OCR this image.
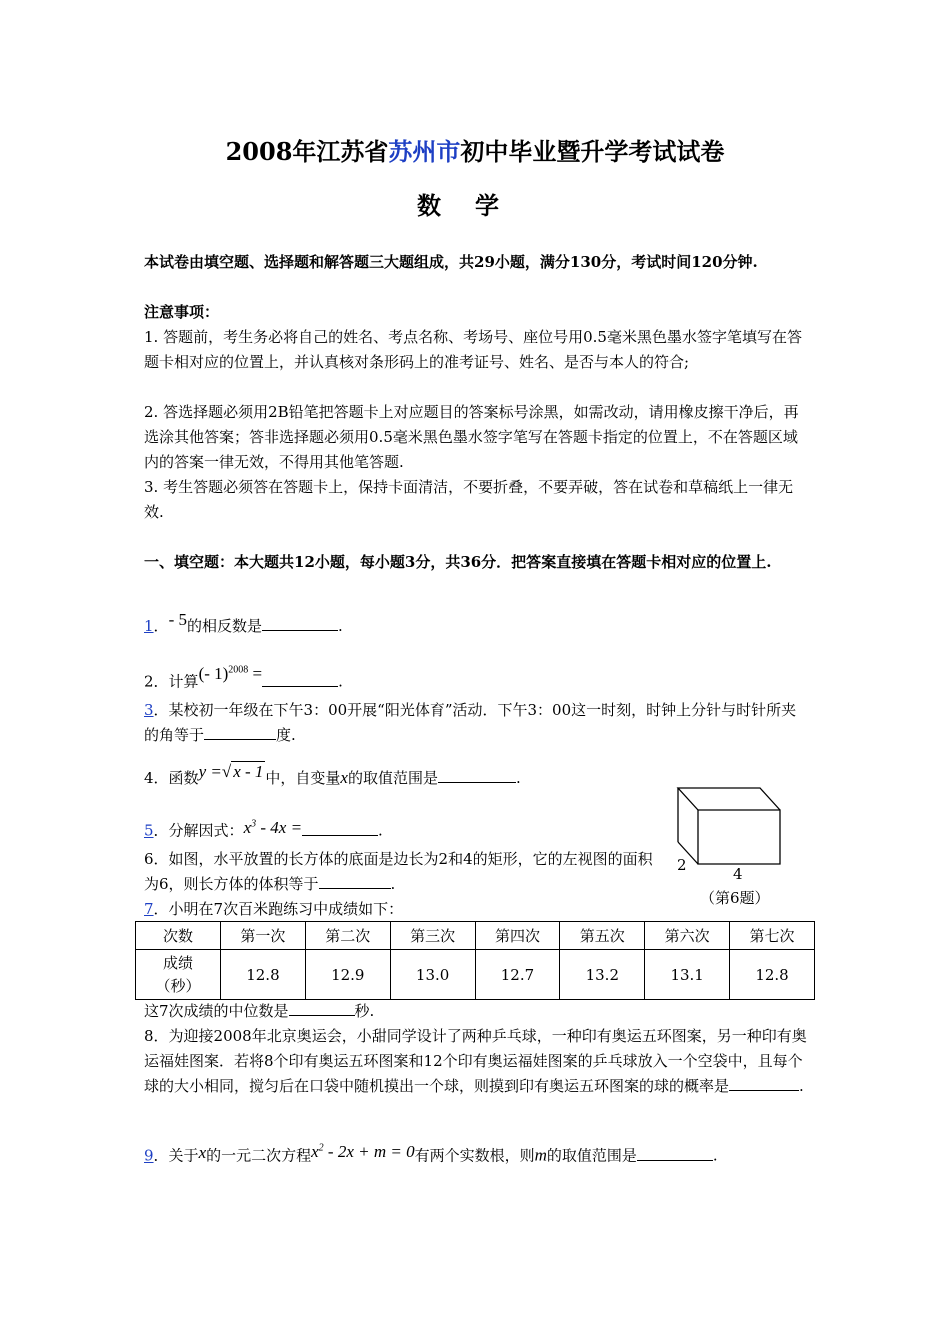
2008年江苏省苏州市初中毕业暨升学考试试卷
数学
本试卷由填空题、选择题和解答题三大题组成，共29小题，满分130分，考试时间120分钟.
注意事项：
1. 答题前，考生务必将自己的姓名、考点名称、考场号、座位号用0.5毫米黑色墨水签字笔填写在答题卡相对应的位置上，并认真核对条形码上的准考证号、姓名、是否与本人的符合;
2. 答选择题必须用2B铅笔把答题卡上对应题目的答案标号涂黑，如需改动，请用橡皮擦干净后，再选涂其他答案；答非选择题必须用0.5毫米黑色墨水签字笔写在答题卡指定的位置上，不在答题区域内的答案一律无效，不得用其他笔答题.
3. 考生答题必须答在答题卡上，保持卡面清洁，不要折叠，不要弄破，答在试卷和草稿纸上一律无效.
一、填空题：本大题共12小题，每小题3分，共36分．把答案直接填在答题卡相对应的位置上.
1．- 5的相反数是	.
2．计算(- 1)$^{2008}$ =	.
3．某校初一年级在下午3：00开展“阳光体育”活动．下午3：00这一时刻，时钟上分针与时针所夹的角等于	度.
4．函数y =√ x - 1 中，自变量x的取值范围是	.
5．分解因式：$x^3 - 4x$ =	.
6．如图，水平放置的长方体的底面是边长为2和4的矩形，它的左视图的面积为6，则长方体的体积等于	.
2	4
（第6题）
7．小明在7次百米跑练习中成绩如下：
次数	第一次	第二次	第三次	第四次	第五次	第六次	第七次
成绩
（秒）	12.8	12.9	13.0	12.7	13.2	13.1	12.8
这7次成绩的中位数是	秒.
8．为迎接2008年北京奥运会，小甜同学设计了两种乒乓球，一种印有奥运五环图案，另一种印有奥运福娃图案．若将8个印有奥运五环图案和12个印有奥运福娃图案的乒乓球放入一个空袋中，且每个球的大小相同，搅匀后在口袋中随机摸出一个球，则摸到印有奥运五环图案的球的概率是	.
9．关于x的一元二次方程$x^2 - 2x + m = 0$有两个实数根，则m的取值范围是	.
